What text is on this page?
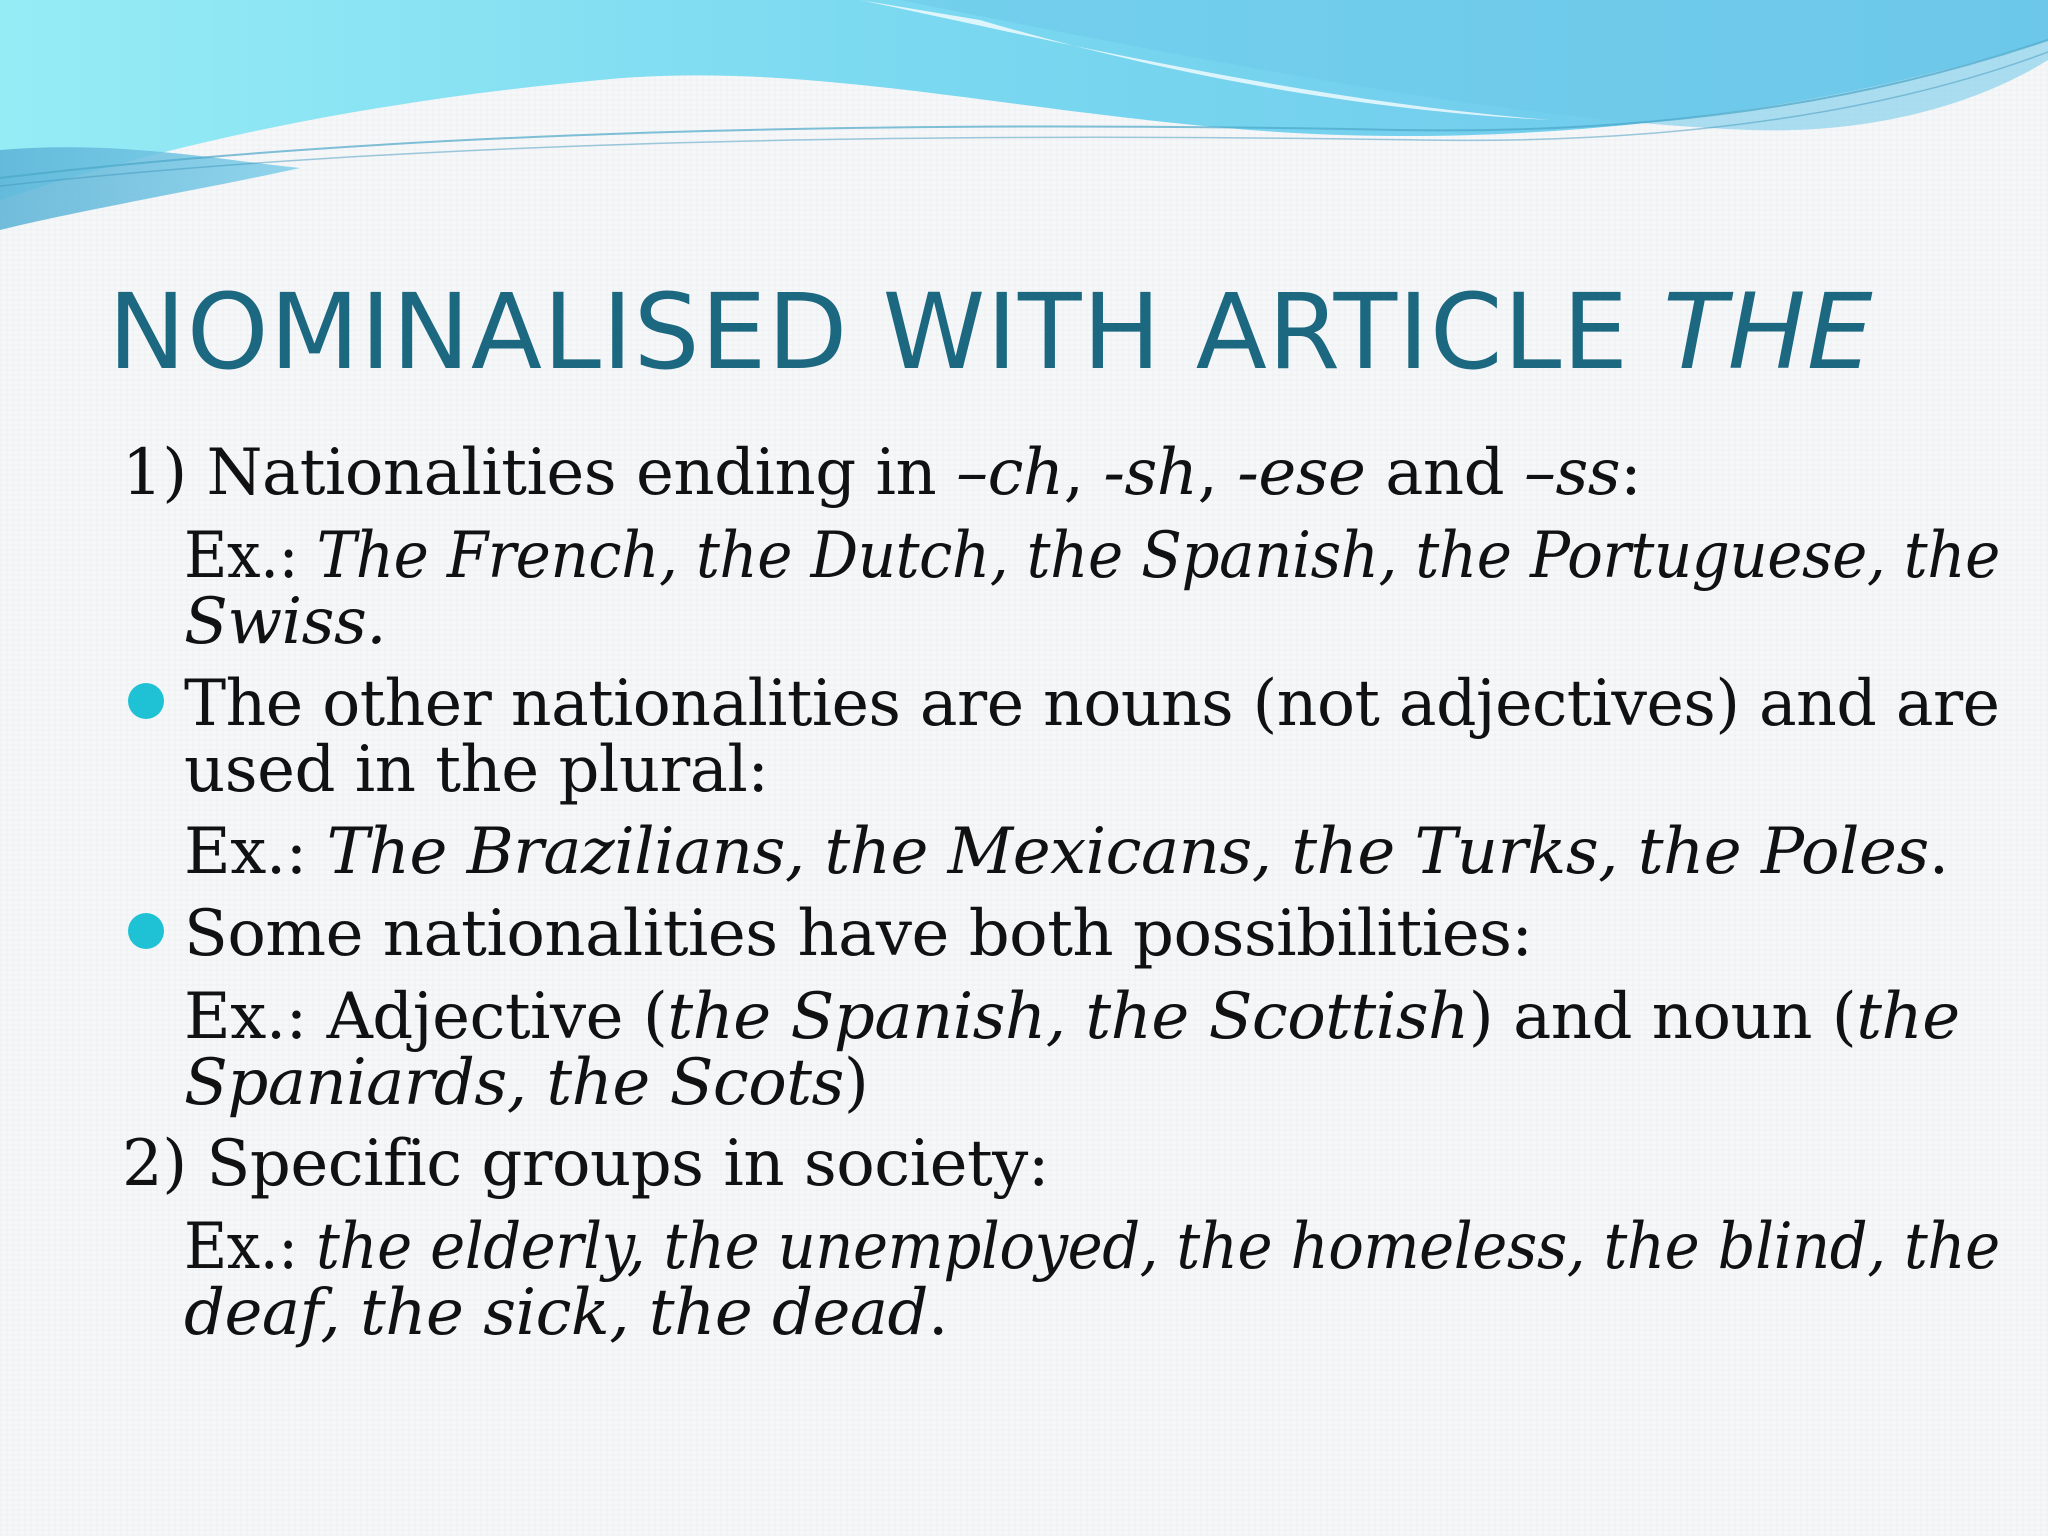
NOMINALISED WITH ARTICLE THE
1) Nationalities ending in –ch, -sh, -ese and –ss:
Ex.: The French, the Dutch, the Spanish, the Portuguese, the
Swiss.
The other nationalities are nouns (not adjectives) and are
used in the plural:
Ex.: The Brazilians, the Mexicans, the Turks, the Poles.
Some nationalities have both possibilities:
Ex.: Adjective (the Spanish, the Scottish) and noun (the
Spaniards, the Scots)
2) Specific groups in society:
Ex.: the elderly, the unemployed, the homeless, the blind, the
deaf, the sick, the dead.
